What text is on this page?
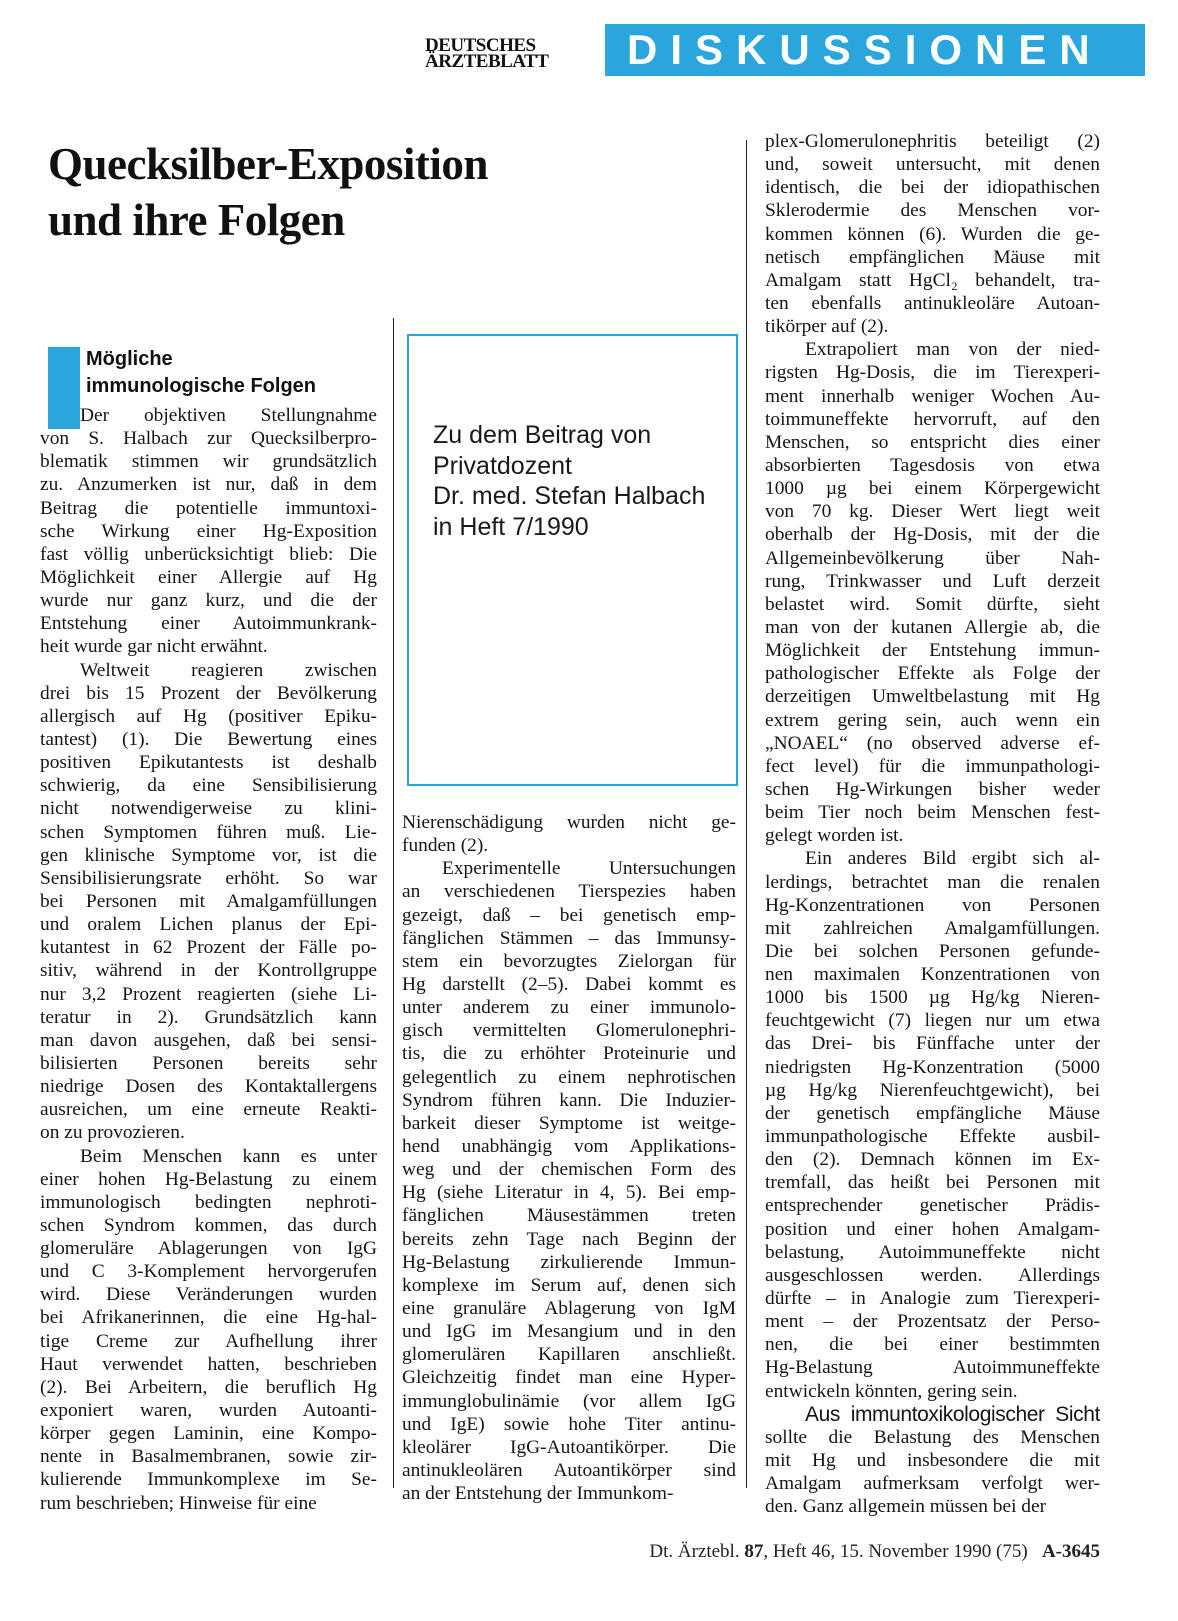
DEUTSCHES
ÄRZTEBLATT	DISKUSSIONEN
Quecksilber-Exposition
und ihre Folgen
Mögliche
immunologische Folgen
Zu dem Beitrag von
Privatdozent
Dr. med. Stefan Halbach
in Heft 7/1990
Der objektiven Stellungnahme
von S. Halbach zur Quecksilberpro-
blematik stimmen wir grundsätzlich
zu. Anzumerken ist nur, daß in dem
Beitrag die potentielle immuntoxi-
sche Wirkung einer Hg-Exposition
fast völlig unberücksichtigt blieb: Die
Möglichkeit einer Allergie auf Hg
wurde nur ganz kurz, und die der
Entstehung einer Autoimmunkrank-
heit wurde gar nicht erwähnt.
Weltweit reagieren zwischen
drei bis 15 Prozent der Bevölkerung
allergisch auf Hg (positiver Epiku-
tantest) (1). Die Bewertung eines
positiven Epikutantests ist deshalb
schwierig, da eine Sensibilisierung
nicht notwendigerweise zu klini-
schen Symptomen führen muß. Lie-
gen klinische Symptome vor, ist die
Sensibilisierungsrate erhöht. So war
bei Personen mit Amalgamfüllungen
und oralem Lichen planus der Epi-
kutantest in 62 Prozent der Fälle po-
sitiv, während in der Kontrollgruppe
nur 3,2 Prozent reagierten (siehe Li-
teratur in 2). Grundsätzlich kann
man davon ausgehen, daß bei sensi-
bilisierten Personen bereits sehr
niedrige Dosen des Kontaktallergens
ausreichen, um eine erneute Reakti-
on zu provozieren.
Beim Menschen kann es unter
einer hohen Hg-Belastung zu einem
immunologisch bedingten nephroti-
schen Syndrom kommen, das durch
glomeruläre Ablagerungen von IgG
und C 3-Komplement hervorgerufen
wird. Diese Veränderungen wurden
bei Afrikanerinnen, die eine Hg-hal-
tige Creme zur Aufhellung ihrer
Haut verwendet hatten, beschrieben
(2). Bei Arbeitern, die beruflich Hg
exponiert waren, wurden Autoanti-
körper gegen Laminin, eine Kompo-
nente in Basalmembranen, sowie zir-
kulierende Immunkomplexe im Se-
rum beschrieben; Hinweise für eine
Nierenschädigung wurden nicht ge-
funden (2).
Experimentelle Untersuchungen
an verschiedenen Tierspezies haben
gezeigt, daß – bei genetisch emp-
fänglichen Stämmen – das Immunsy-
stem ein bevorzugtes Zielorgan für
Hg darstellt (2–5). Dabei kommt es
unter anderem zu einer immunolo-
gisch vermittelten Glomerulonephri-
tis, die zu erhöhter Proteinurie und
gelegentlich zu einem nephrotischen
Syndrom führen kann. Die Induzier-
barkeit dieser Symptome ist weitge-
hend unabhängig vom Applikations-
weg und der chemischen Form des
Hg (siehe Literatur in 4, 5). Bei emp-
fänglichen Mäusestämmen treten
bereits zehn Tage nach Beginn der
Hg-Belastung zirkulierende Immun-
komplexe im Serum auf, denen sich
eine granuläre Ablagerung von IgM
und IgG im Mesangium und in den
glomerulären Kapillaren anschließt.
Gleichzeitig findet man eine Hyper-
immunglobulinämie (vor allem IgG
und IgE) sowie hohe Titer antinu-
kleolärer IgG-Autoantikörper. Die
antinukleolären Autoantikörper sind
an der Entstehung der Immunkom-
plex-Glomerulonephritis beteiligt (2)
und, soweit untersucht, mit denen
identisch, die bei der idiopathischen
Sklerodermie des Menschen vor-
kommen können (6). Wurden die ge-
netisch empfänglichen Mäuse mit
Amalgam statt HgCl₂ behandelt, tra-
ten ebenfalls antinukleoläre Autoan-
tikörper auf (2).
Extrapoliert man von der nied-
rigsten Hg-Dosis, die im Tierexperi-
ment innerhalb weniger Wochen Au-
toimmuneffekte hervorruft, auf den
Menschen, so entspricht dies einer
absorbierten Tagesdosis von etwa
1000 µg bei einem Körpergewicht
von 70 kg. Dieser Wert liegt weit
oberhalb der Hg-Dosis, mit der die
Allgemeinbevölkerung über Nah-
rung, Trinkwasser und Luft derzeit
belastet wird. Somit dürfte, sieht
man von der kutanen Allergie ab, die
Möglichkeit der Entstehung immun-
pathologischer Effekte als Folge der
derzeitigen Umweltbelastung mit Hg
extrem gering sein, auch wenn ein
„NOAEL“ (no observed adverse ef-
fect level) für die immunpathologi-
schen Hg-Wirkungen bisher weder
beim Tier noch beim Menschen fest-
gelegt worden ist.
Ein anderes Bild ergibt sich al-
lerdings, betrachtet man die renalen
Hg-Konzentrationen von Personen
mit zahlreichen Amalgamfüllungen.
Die bei solchen Personen gefunde-
nen maximalen Konzentrationen von
1000 bis 1500 µg Hg/kg Nieren-
feuchtgewicht (7) liegen nur um etwa
das Drei- bis Fünffache unter der
niedrigsten Hg-Konzentration (5000
µg Hg/kg Nierenfeuchtgewicht), bei
der genetisch empfängliche Mäuse
immunpathologische Effekte ausbil-
den (2). Demnach können im Ex-
tremfall, das heißt bei Personen mit
entsprechender genetischer Prädis-
position und einer hohen Amalgam-
belastung, Autoimmuneffekte nicht
ausgeschlossen werden. Allerdings
dürfte – in Analogie zum Tierexperi-
ment – der Prozentsatz der Perso-
nen, die bei einer bestimmten
Hg-Belastung Autoimmuneffekte
entwickeln könnten, gering sein.
Aus immuntoxikologischer Sicht
sollte die Belastung des Menschen
mit Hg und insbesondere die mit
Amalgam aufmerksam verfolgt wer-
den. Ganz allgemein müssen bei der
Dt. Ärztebl. 87, Heft 46, 15. November 1990 (75) A-3645
